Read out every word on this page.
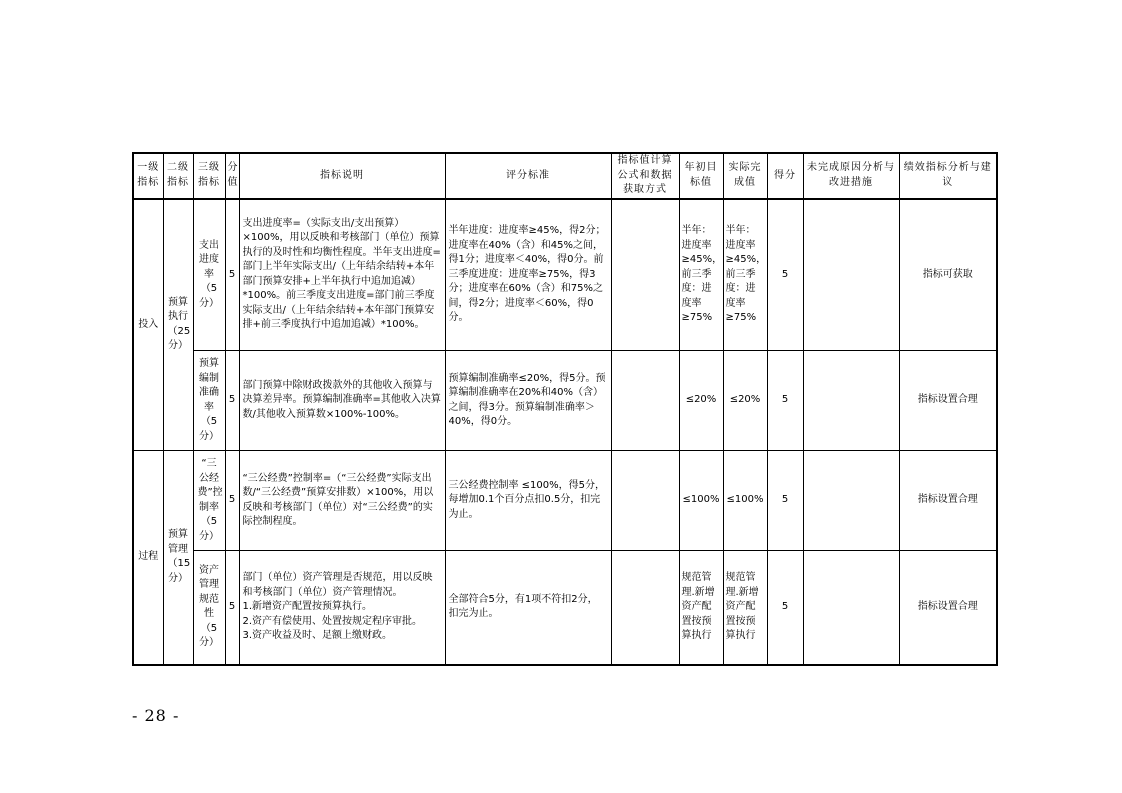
一级指标	二级指标	三级指标	分值	指标说明	评分标准	指标值计算公式和数据获取方式	年初目标值	实际完成值	得分	未完成原因分析与改进措施	绩效指标分析与建议
投入	预算执行（25分）	支出进度率（5分）	5	支出进度率=（实际支出/支出预算）×100%，用以反映和考核部门（单位）预算执行的及时性和均衡性程度。半年支出进度=部门上半年实际支出/（上年结余结转+本年部门预算安排+上半年执行中追加追减）*100%。前三季度支出进度=部门前三季度实际支出/（上年结余结转+本年部门预算安排+前三季度执行中追加追减）*100%。	半年进度：进度率≥45%，得2分；进度率在40%（含）和45%之间，得1分；进度率＜40%，得0分。前三季度进度：进度率≥75%，得3分；进度率在60%（含）和75%之间，得2分；进度率＜60%，得0分。		半年：进度率≥45%，前三季度：进度率≥75%	半年：进度率≥45%，前三季度：进度率≥75%	5		指标可获取
		预算编制准确率（5分）	5	部门预算中除财政拨款外的其他收入预算与决算差异率。预算编制准确率=其他收入决算数/其他收入预算数×100%-100%。	预算编制准确率≤20%，得5分。预算编制准确率在20%和40%（含）之间，得3分。预算编制准确率＞40%，得0分。		≤20%	≤20%	5		指标设置合理
过程	预算管理（15分）	“三公经费”控制率（5分）	5	“三公经费”控制率=（“三公经费”实际支出数/“三公经费”预算安排数）×100%，用以反映和考核部门（单位）对“三公经费”的实际控制程度。	三公经费控制率 ≤100%，得5分，每增加0.1个百分点扣0.5分，扣完为止。		≤100%	≤100%	5		指标设置合理
		资产管理规范性（5分）	5	部门（单位）资产管理是否规范，用以反映和考核部门（单位）资产管理情况。
1.新增资产配置按预算执行。
2.资产有偿使用、处置按规定程序审批。
3.资产收益及时、足额上缴财政。	全部符合5分，有1项不符扣2分，扣完为止。		规范管理.新增资产配置按预算执行	规范管理.新增资产配置按预算执行	5		指标设置合理
- 28 -
